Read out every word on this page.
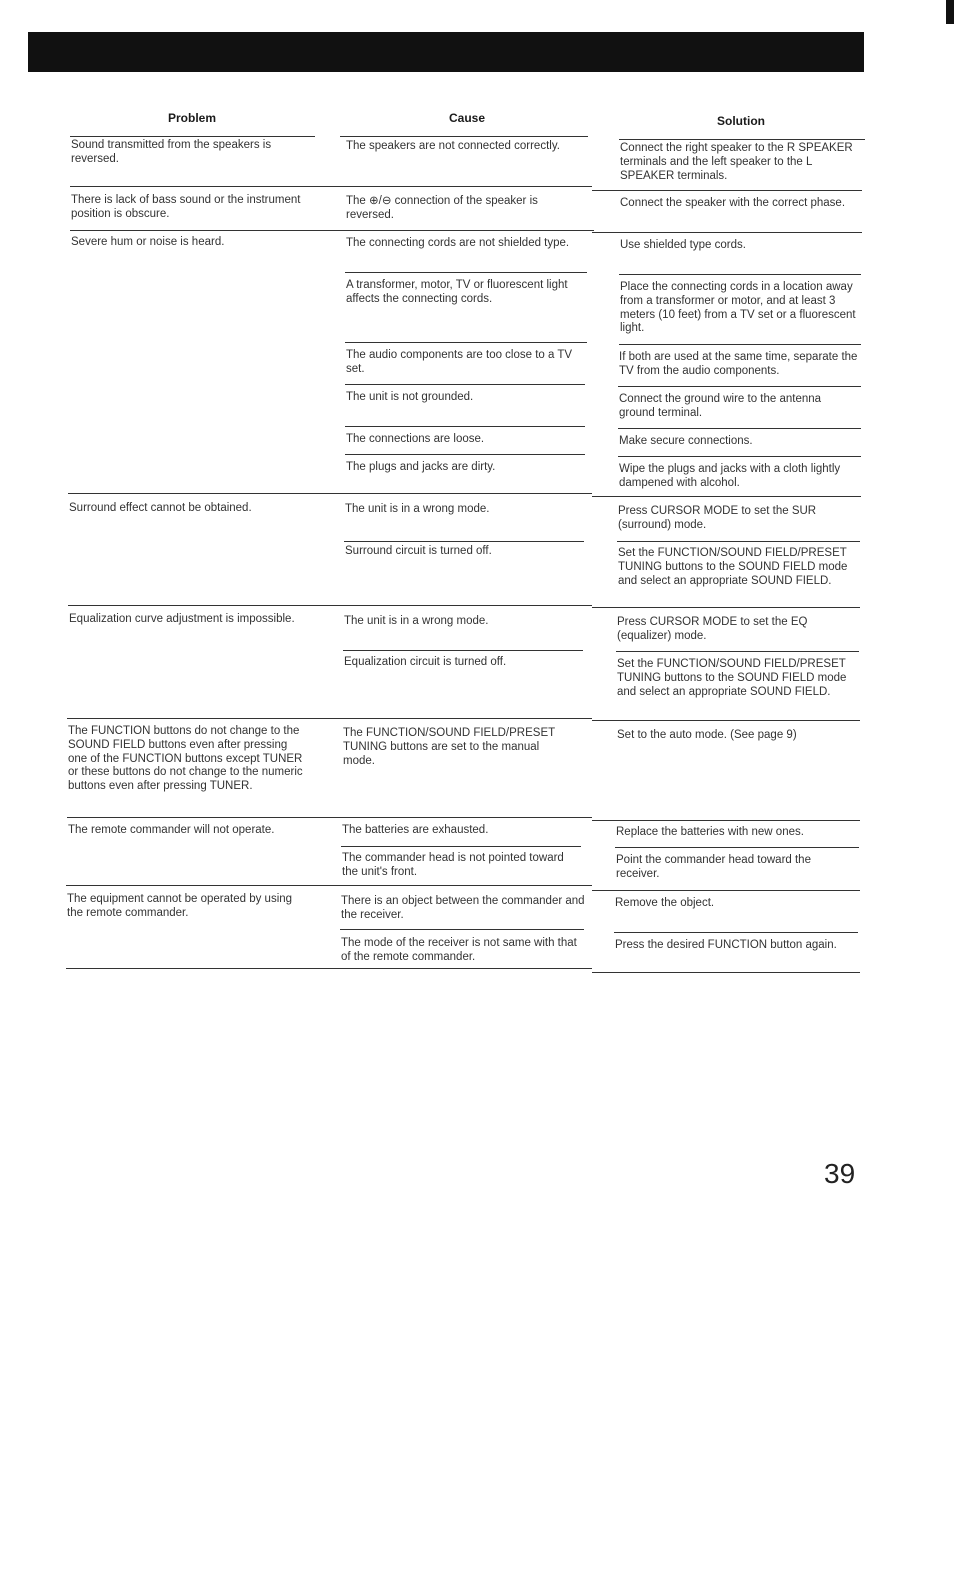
Problem	Cause	Solution
Sound transmitted from the speakers is reversed.
There is lack of bass sound or the instrument position is obscure.
Severe hum or noise is heard.
Surround effect cannot be obtained.
Equalization curve adjustment is impossible.
The FUNCTION buttons do not change to the SOUND FIELD buttons even after pressing one of the FUNCTION buttons except TUNER or these buttons do not change to the numeric buttons even after pressing TUNER.
The remote commander will not operate.
The equipment cannot be operated by using the remote commander.
The speakers are not connected correctly.
The ⊕/⊖ connection of the speaker is reversed.
The connecting cords are not shielded type.
A transformer, motor, TV or fluorescent light affects the connecting cords.
The audio components are too close to a TV set.
The unit is not grounded.
The connections are loose.
The plugs and jacks are dirty.
The unit is in a wrong mode.
Surround circuit is turned off.
The unit is in a wrong mode.
Equalization circuit is turned off.
The FUNCTION/SOUND FIELD/PRESET TUNING buttons are set to the manual mode.
The batteries are exhausted.
The commander head is not pointed toward the unit's front.
There is an object between the commander and the receiver.
The mode of the receiver is not same with that of the remote commander.
Connect the right speaker to the R SPEAKER terminals and the left speaker to the L SPEAKER terminals.
Connect the speaker with the correct phase.
Use shielded type cords.
Place the connecting cords in a location away from a transformer or motor, and at least 3 meters (10 feet) from a TV set or a fluorescent light.
If both are used at the same time, separate the TV from the audio components.
Connect the ground wire to the antenna ground terminal.
Make secure connections.
Wipe the plugs and jacks with a cloth lightly dampened with alcohol.
Press CURSOR MODE to set the SUR (surround) mode.
Set the FUNCTION/SOUND FIELD/PRESET TUNING buttons to the SOUND FIELD mode and select an appropriate SOUND FIELD.
Press CURSOR MODE to set the EQ (equalizer) mode.
Set the FUNCTION/SOUND FIELD/PRESET TUNING buttons to the SOUND FIELD mode and select an appropriate SOUND FIELD.
Set to the auto mode. (See page 9)
Replace the batteries with new ones.
Point the commander head toward the receiver.
Remove the object.
Press the desired FUNCTION button again.
39
